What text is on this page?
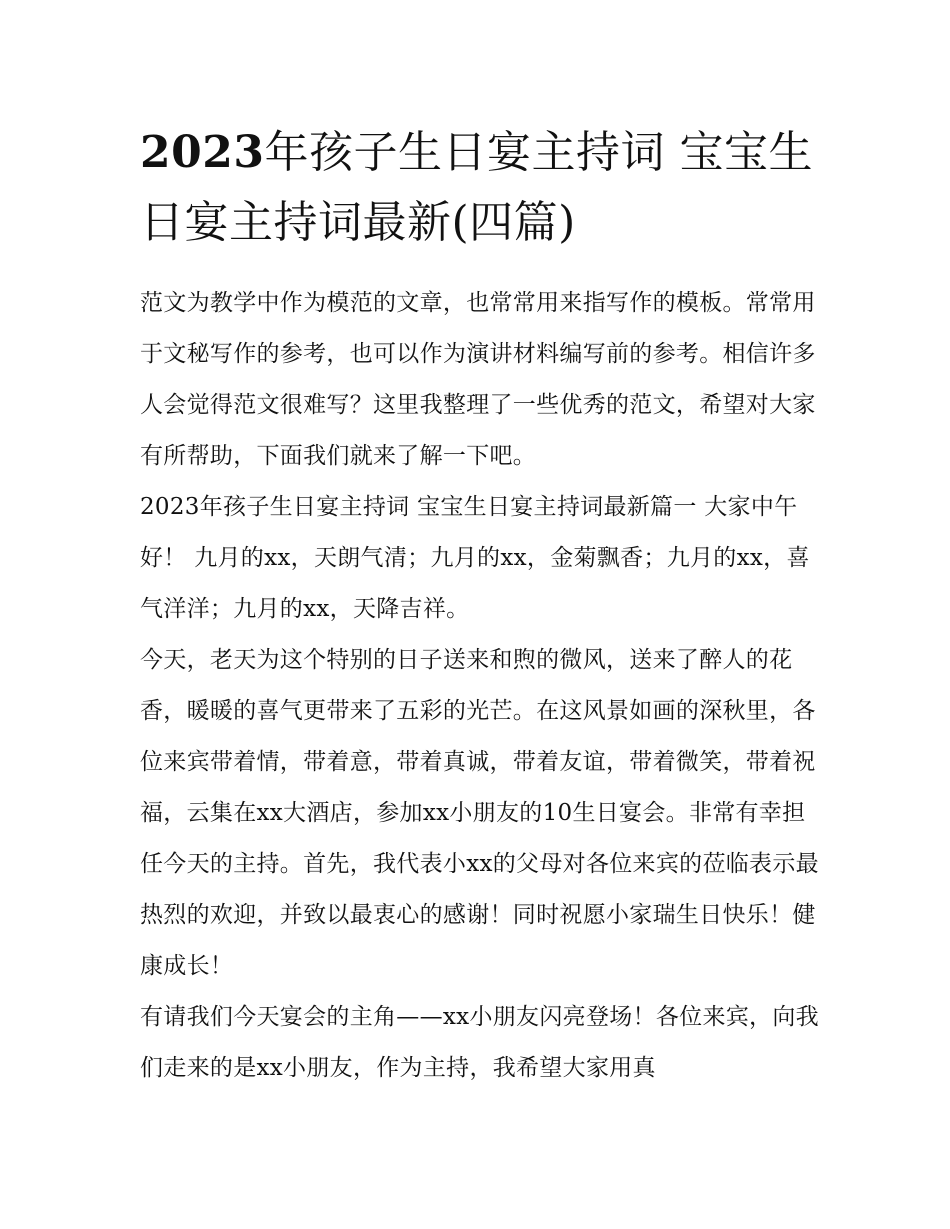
2023年孩子生日宴主持词 宝宝生日宴主持词最新(四篇)

范文为教学中作为模范的文章，也常常用来指写作的模板。常常用于文秘写作的参考，也可以作为演讲材料编写前的参考。相信许多人会觉得范文很难写？这里我整理了一些优秀的范文，希望对大家有所帮助，下面我们就来了解一下吧。

2023年孩子生日宴主持词 宝宝生日宴主持词最新篇一 大家中午好！ 九月的xx，天朗气清；九月的xx，金菊飘香；九月的xx，喜气洋洋；九月的xx，天降吉祥。

今天，老天为这个特别的日子送来和煦的微风，送来了醉人的花香，暖暖的喜气更带来了五彩的光芒。在这风景如画的深秋里，各位来宾带着情，带着意，带着真诚，带着友谊，带着微笑，带着祝福，云集在xx大酒店，参加xx小朋友的10生日宴会。非常有幸担任今天的主持。首先，我代表小xx的父母对各位来宾的莅临表示最热烈的欢迎，并致以最衷心的感谢！同时祝愿小家瑞生日快乐！健康成长！

有请我们今天宴会的主角——xx小朋友闪亮登场！各位来宾，向我们走来的是xx小朋友，作为主持，我希望大家用真
